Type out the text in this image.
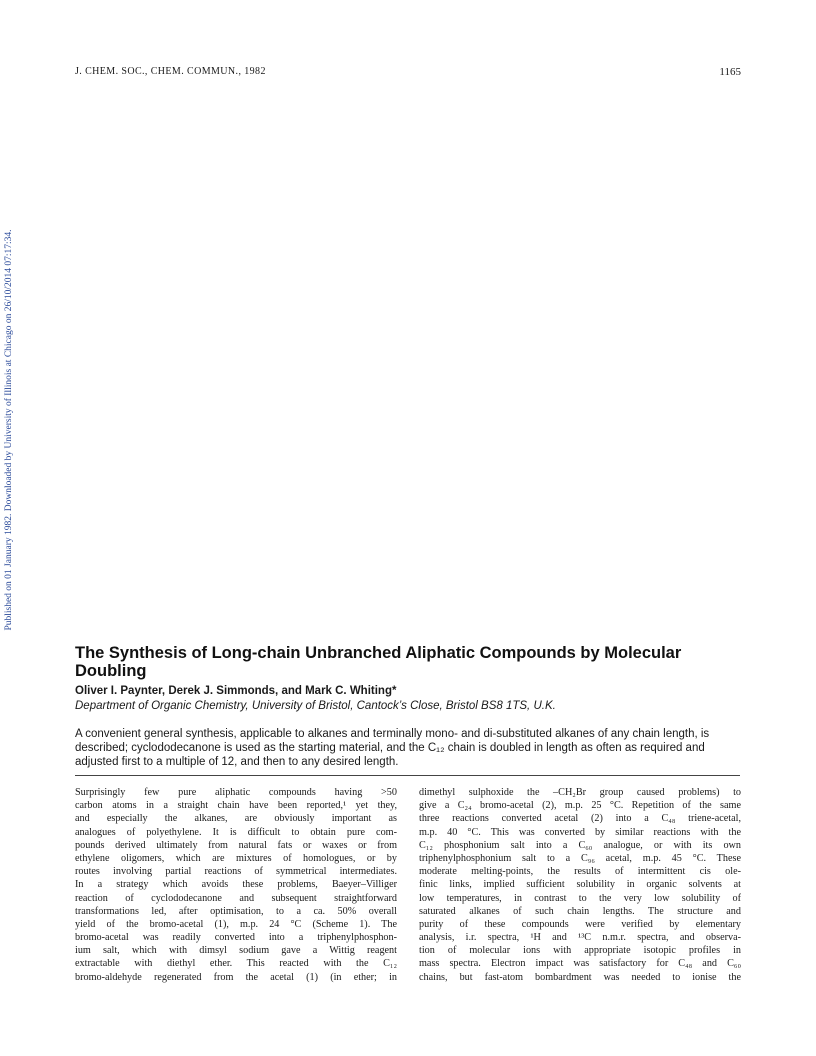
J. CHEM. SOC., CHEM. COMMUN., 1982	1165
Published on 01 January 1982. Downloaded by University of Illinois at Chicago on 26/10/2014 07:17:34.
The Synthesis of Long-chain Unbranched Aliphatic Compounds by Molecular Doubling

Oliver I. Paynter, Derek J. Simmonds, and Mark C. Whiting*

Department of Organic Chemistry, University of Bristol, Cantock’s Close, Bristol BS8 1TS, U.K.

A convenient general synthesis, applicable to alkanes and terminally mono- and di-substituted alkanes of any chain length, is described; cyclododecanone is used as the starting material, and the C₁₂ chain is doubled in length as often as required and adjusted first to a multiple of 12, and then to any desired length.

Surprisingly few pure aliphatic compounds having >50
carbon atoms in a straight chain have been reported,¹ yet they,
and especially the alkanes, are obviously important as
analogues of polyethylene. It is difficult to obtain pure com-
pounds derived ultimately from natural fats or waxes or from
ethylene oligomers, which are mixtures of homologues, or by
routes involving partial reactions of symmetrical intermediates.
In a strategy which avoids these problems, Baeyer–Villiger
reaction of cyclododecanone and subsequent straightforward
transformations led, after optimisation, to a ca. 50% overall
yield of the bromo-acetal (1), m.p. 24 °C (Scheme 1). The
bromo-acetal was readily converted into a triphenylphosphon-
ium salt, which with dimsyl sodium gave a Wittig reagent
extractable with diethyl ether. This reacted with the C₁₂
bromo-aldehyde regenerated from the acetal (1) (in ether; in
dimethyl sulphoxide the –CH₂Br group caused problems) to
give a C₂₄ bromo-acetal (2), m.p. 25 °C. Repetition of the same
three reactions converted acetal (2) into a C₄₈ triene-acetal,
m.p. 40 °C. This was converted by similar reactions with the
C₁₂ phosphonium salt into a C₆₀ analogue, or with its own
triphenylphosphonium salt to a C₉₆ acetal, m.p. 45 °C. These
moderate melting-points, the results of intermittent cis ole-
finic links, implied sufficient solubility in organic solvents at
low temperatures, in contrast to the very low solubility of
saturated alkanes of such chain lengths. The structure and
purity of these compounds were verified by elementary
analysis, i.r. spectra, ¹H and ¹³C n.m.r. spectra, and observa-
tion of molecular ions with appropriate isotopic profiles in
mass spectra. Electron impact was satisfactory for C₄₈ and C₆₀
chains, but fast-atom bombardment was needed to ionise the
